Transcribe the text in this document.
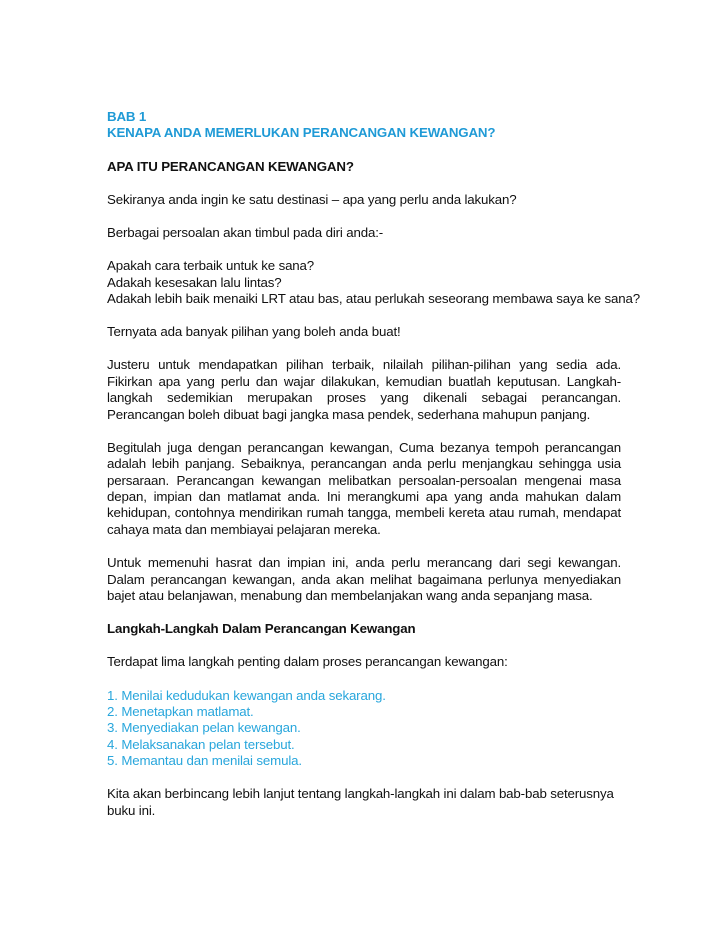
BAB 1

KENAPA ANDA MEMERLUKAN PERANCANGAN KEWANGAN?

APA ITU PERANCANGAN KEWANGAN?

Sekiranya anda ingin ke satu destinasi – apa yang perlu anda lakukan?

Berbagai persoalan akan timbul pada diri anda:-

Apakah cara terbaik untuk ke sana?
Adakah kesesakan lalu lintas?
Adakah lebih baik menaiki LRT atau bas, atau perlukah seseorang membawa saya ke sana?

Ternyata ada banyak pilihan yang boleh anda buat!

Justeru untuk mendapatkan pilihan terbaik, nilailah pilihan-pilihan yang sedia ada. Fikirkan apa yang perlu dan wajar dilakukan, kemudian buatlah keputusan. Langkah-langkah sedemikian merupakan proses yang dikenali sebagai perancangan. Perancangan boleh dibuat bagi jangka masa pendek, sederhana mahupun panjang.

Begitulah juga dengan perancangan kewangan, Cuma bezanya tempoh perancangan adalah lebih panjang. Sebaiknya, perancangan anda perlu menjangkau sehingga usia persaraan. Perancangan kewangan melibatkan persoalan-persoalan mengenai masa depan, impian dan matlamat anda. Ini merangkumi apa yang anda mahukan dalam kehidupan, contohnya mendirikan rumah tangga, membeli kereta atau rumah, mendapat cahaya mata dan membiayai pelajaran mereka.

Untuk memenuhi hasrat dan impian ini, anda perlu merancang dari segi kewangan. Dalam perancangan kewangan, anda akan melihat bagaimana perlunya menyediakan bajet atau belanjawan, menabung dan membelanjakan wang anda sepanjang masa.

Langkah-Langkah Dalam Perancangan Kewangan

Terdapat lima langkah penting dalam proses perancangan kewangan:

1. Menilai kedudukan kewangan anda sekarang.
2. Menetapkan matlamat.
3. Menyediakan pelan kewangan.
4. Melaksanakan pelan tersebut.
5. Memantau dan menilai semula.

Kita akan berbincang lebih lanjut tentang langkah-langkah ini dalam bab-bab seterusnya buku ini.
